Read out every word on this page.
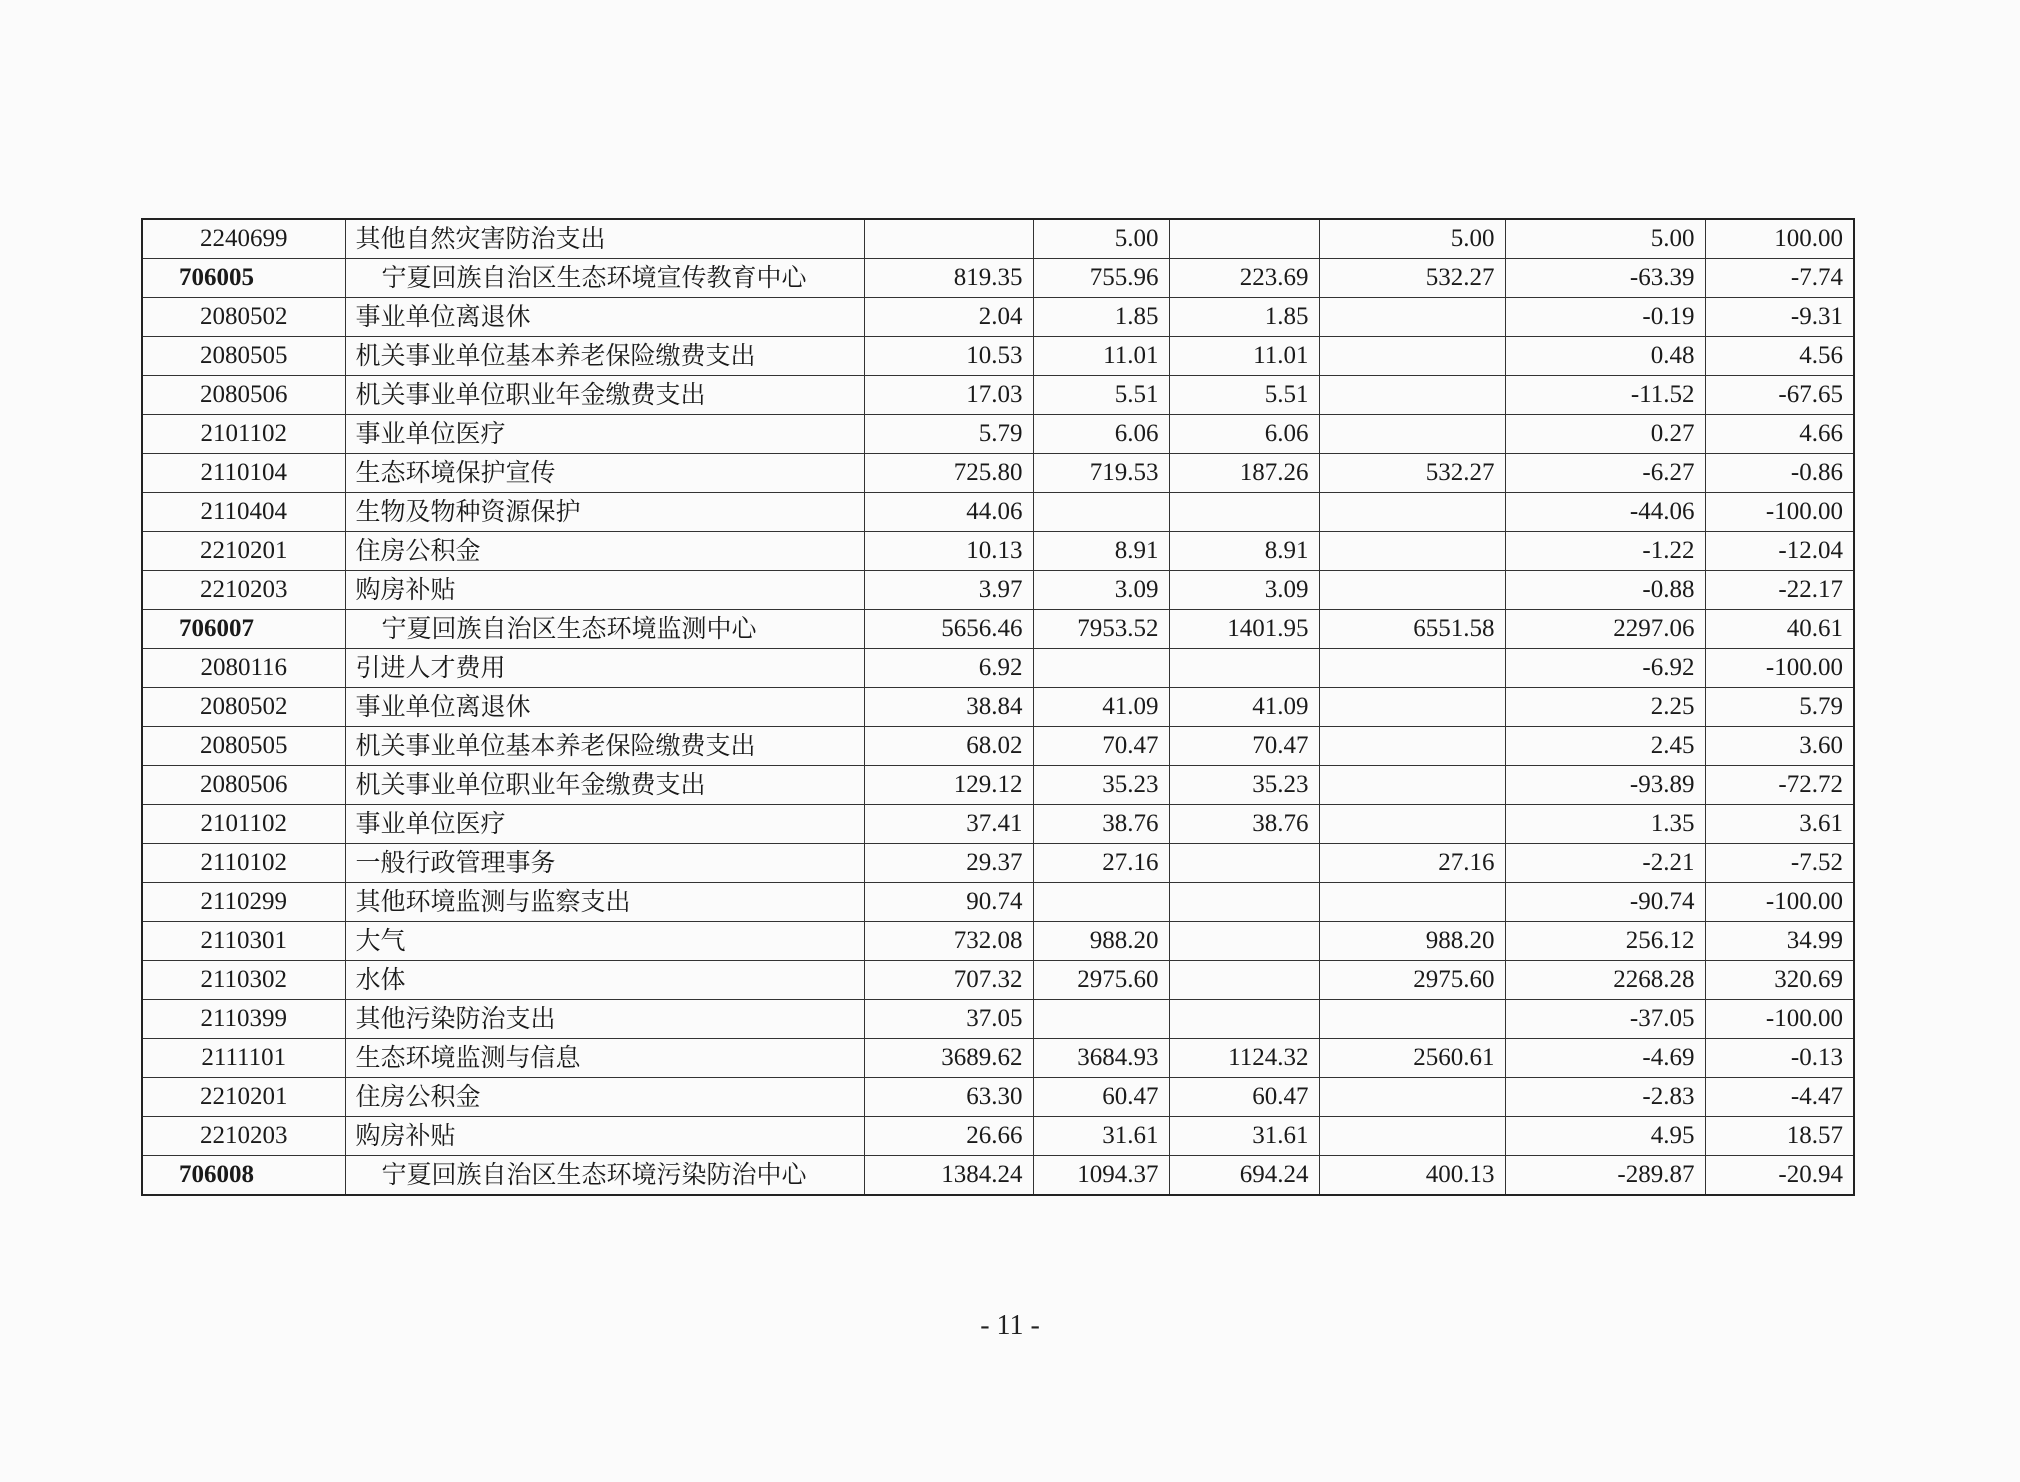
2240699	其他自然灾害防治支出		5.00		5.00	5.00	100.00
706005	宁夏回族自治区生态环境宣传教育中心	819.35	755.96	223.69	532.27	-63.39	-7.74
2080502	事业单位离退休	2.04	1.85	1.85		-0.19	-9.31
2080505	机关事业单位基本养老保险缴费支出	10.53	11.01	11.01		0.48	4.56
2080506	机关事业单位职业年金缴费支出	17.03	5.51	5.51		-11.52	-67.65
2101102	事业单位医疗	5.79	6.06	6.06		0.27	4.66
2110104	生态环境保护宣传	725.80	719.53	187.26	532.27	-6.27	-0.86
2110404	生物及物种资源保护	44.06				-44.06	-100.00
2210201	住房公积金	10.13	8.91	8.91		-1.22	-12.04
2210203	购房补贴	3.97	3.09	3.09		-0.88	-22.17
706007	宁夏回族自治区生态环境监测中心	5656.46	7953.52	1401.95	6551.58	2297.06	40.61
2080116	引进人才费用	6.92				-6.92	-100.00
2080502	事业单位离退休	38.84	41.09	41.09		2.25	5.79
2080505	机关事业单位基本养老保险缴费支出	68.02	70.47	70.47		2.45	3.60
2080506	机关事业单位职业年金缴费支出	129.12	35.23	35.23		-93.89	-72.72
2101102	事业单位医疗	37.41	38.76	38.76		1.35	3.61
2110102	一般行政管理事务	29.37	27.16		27.16	-2.21	-7.52
2110299	其他环境监测与监察支出	90.74				-90.74	-100.00
2110301	大气	732.08	988.20		988.20	256.12	34.99
2110302	水体	707.32	2975.60		2975.60	2268.28	320.69
2110399	其他污染防治支出	37.05				-37.05	-100.00
2111101	生态环境监测与信息	3689.62	3684.93	1124.32	2560.61	-4.69	-0.13
2210201	住房公积金	63.30	60.47	60.47		-2.83	-4.47
2210203	购房补贴	26.66	31.61	31.61		4.95	18.57
706008	宁夏回族自治区生态环境污染防治中心	1384.24	1094.37	694.24	400.13	-289.87	-20.94
- 11 -
